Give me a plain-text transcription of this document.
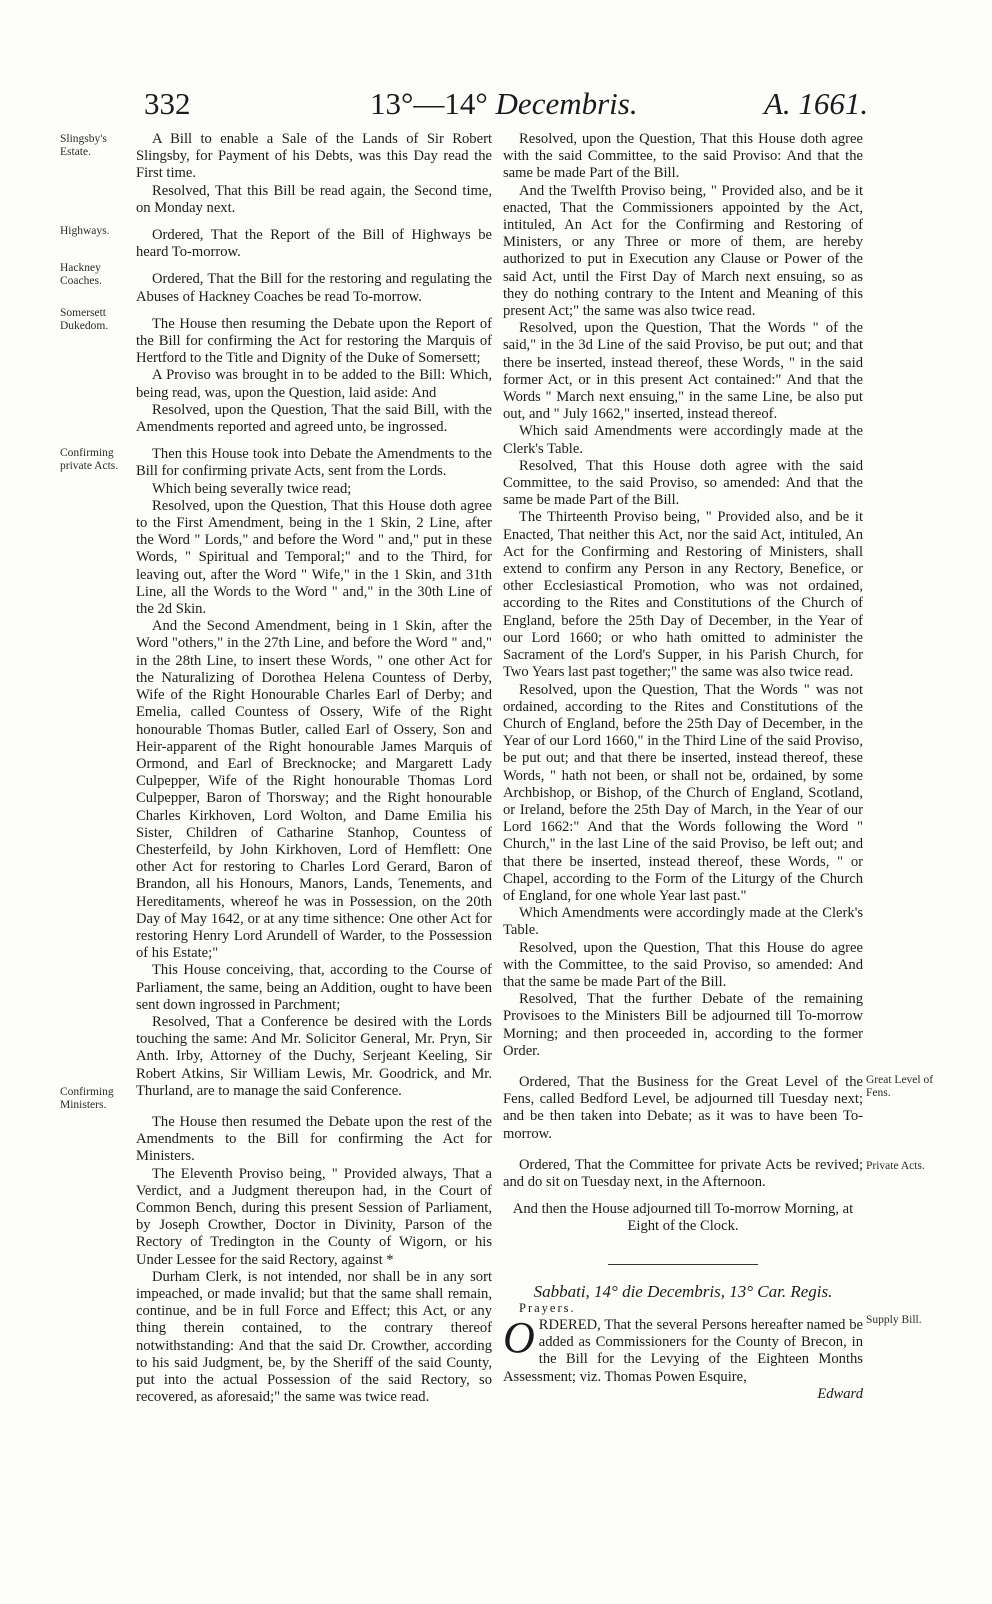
332	13°—14° Decembris.	A. 1661.
Slingsby's Estate.
Highways.
Hackney Coaches.
Somersett Dukedom.
Confirming private Acts.
Confirming Ministers.
Great Level of Fens.
Private Acts.
Supply Bill.

A Bill to enable a Sale of the Lands of Sir Robert Slingsby, for Payment of his Debts, was this Day read the First time.

Resolved, That this Bill be read again, the Second time, on Monday next.

Ordered, That the Report of the Bill of Highways be heard To-morrow.

Ordered, That the Bill for the restoring and regulating the Abuses of Hackney Coaches be read To-morrow.

The House then resuming the Debate upon the Report of the Bill for confirming the Act for restoring the Marquis of Hertford to the Title and Dignity of the Duke of Somersett;

A Proviso was brought in to be added to the Bill: Which, being read, was, upon the Question, laid aside: And

Resolved, upon the Question, That the said Bill, with the Amendments reported and agreed unto, be ingrossed.

Then this House took into Debate the Amendments to the Bill for confirming private Acts, sent from the Lords.

Which being severally twice read;

Resolved, upon the Question, That this House doth agree to the First Amendment, being in the 1 Skin, 2 Line, after the Word " Lords," and before the Word " and," put in these Words, " Spiritual and Temporal;" and to the Third, for leaving out, after the Word " Wife," in the 1 Skin, and 31th Line, all the Words to the Word " and," in the 30th Line of the 2d Skin.

And the Second Amendment, being in 1 Skin, after the Word "others," in the 27th Line, and before the Word " and," in the 28th Line, to insert these Words, " one other Act for the Naturalizing of Dorothea Helena Countess of Derby, Wife of the Right Honourable Charles Earl of Derby; and Emelia, called Countess of Ossery, Wife of the Right honourable Thomas Butler, called Earl of Ossery, Son and Heir-apparent of the Right honourable James Marquis of Ormond, and Earl of Brecknocke; and Margarett Lady Culpepper, Wife of the Right honourable Thomas Lord Culpepper, Baron of Thorsway; and the Right honourable Charles Kirkhoven, Lord Wolton, and Dame Emilia his Sister, Children of Catharine Stanhop, Countess of Chesterfeild, by John Kirkhoven, Lord of Hemflett: One other Act for restoring to Charles Lord Gerard, Baron of Brandon, all his Honours, Manors, Lands, Tenements, and Hereditaments, whereof he was in Possession, on the 20th Day of May 1642, or at any time sithence: One other Act for restoring Henry Lord Arundell of Warder, to the Possession of his Estate;"

This House conceiving, that, according to the Course of Parliament, the same, being an Addition, ought to have been sent down ingrossed in Parchment;

Resolved, That a Conference be desired with the Lords touching the same: And Mr. Solicitor General, Mr. Pryn, Sir Anth. Irby, Attorney of the Duchy, Serjeant Keeling, Sir Robert Atkins, Sir William Lewis, Mr. Goodrick, and Mr. Thurland, are to manage the said Conference.

The House then resumed the Debate upon the rest of the Amendments to the Bill for confirming the Act for Ministers.

The Eleventh Proviso being, " Provided always, That a Verdict, and a Judgment thereupon had, in the Court of Common Bench, during this present Session of Parliament, by Joseph Crowther, Doctor in Divinity, Parson of the Rectory of Tredington in the County of Wigorn, or his Under Lessee for the said Rectory, against *

Durham Clerk, is not intended, nor shall be in any sort impeached, or made invalid; but that the same shall remain, continue, and be in full Force and Effect; this Act, or any thing therein contained, to the contrary thereof notwithstanding: And that the said Dr. Crowther, according to his said Judgment, be, by the Sheriff of the said County, put into the actual Possession of the said Rectory, so recovered, as aforesaid;" the same was twice read.

Resolved, upon the Question, That this House doth agree with the said Committee, to the said Proviso: And that the same be made Part of the Bill.

And the Twelfth Proviso being, " Provided also, and be it enacted, That the Commissioners appointed by the Act, intituled, An Act for the Confirming and Restoring of Ministers, or any Three or more of them, are hereby authorized to put in Execution any Clause or Power of the said Act, until the First Day of March next ensuing, so as they do nothing contrary to the Intent and Meaning of this present Act;" the same was also twice read.

Resolved, upon the Question, That the Words " of the said," in the 3d Line of the said Proviso, be put out; and that there be inserted, instead thereof, these Words, " in the said former Act, or in this present Act contained:" And that the Words " March next ensuing," in the same Line, be also put out, and " July 1662," inserted, instead thereof.

Which said Amendments were accordingly made at the Clerk's Table.

Resolved, That this House doth agree with the said Committee, to the said Proviso, so amended: And that the same be made Part of the Bill.

The Thirteenth Proviso being, " Provided also, and be it Enacted, That neither this Act, nor the said Act, intituled, An Act for the Confirming and Restoring of Ministers, shall extend to confirm any Person in any Rectory, Benefice, or other Ecclesiastical Promotion, who was not ordained, according to the Rites and Constitutions of the Church of England, before the 25th Day of December, in the Year of our Lord 1660; or who hath omitted to administer the Sacrament of the Lord's Supper, in his Parish Church, for Two Years last past together;" the same was also twice read.

Resolved, upon the Question, That the Words " was not ordained, according to the Rites and Constitutions of the Church of England, before the 25th Day of December, in the Year of our Lord 1660," in the Third Line of the said Proviso, be put out; and that there be inserted, instead thereof, these Words, " hath not been, or shall not be, ordained, by some Archbishop, or Bishop, of the Church of England, Scotland, or Ireland, before the 25th Day of March, in the Year of our Lord 1662:" And that the Words following the Word " Church," in the last Line of the said Proviso, be left out; and that there be inserted, instead thereof, these Words, " or Chapel, according to the Form of the Liturgy of the Church of England, for one whole Year last past."

Which Amendments were accordingly made at the Clerk's Table.

Resolved, upon the Question, That this House do agree with the Committee, to the said Proviso, so amended: And that the same be made Part of the Bill.

Resolved, That the further Debate of the remaining Provisoes to the Ministers Bill be adjourned till To-morrow Morning; and then proceeded in, according to the former Order.

Ordered, That the Business for the Great Level of the Fens, called Bedford Level, be adjourned till Tuesday next; and be then taken into Debate; as it was to have been To-morrow.

Ordered, That the Committee for private Acts be revived; and do sit on Tuesday next, in the Afternoon.

And then the House adjourned till To-morrow Morning, at Eight of the Clock.

Sabbati, 14° die Decembris, 13° Car. Regis.

Prayers.

ORDERED, That the several Persons hereafter named be added as Commissioners for the County of Brecon, in the Bill for the Levying of the Eighteen Months Assessment; viz. Thomas Powen Esquire,

Edward
